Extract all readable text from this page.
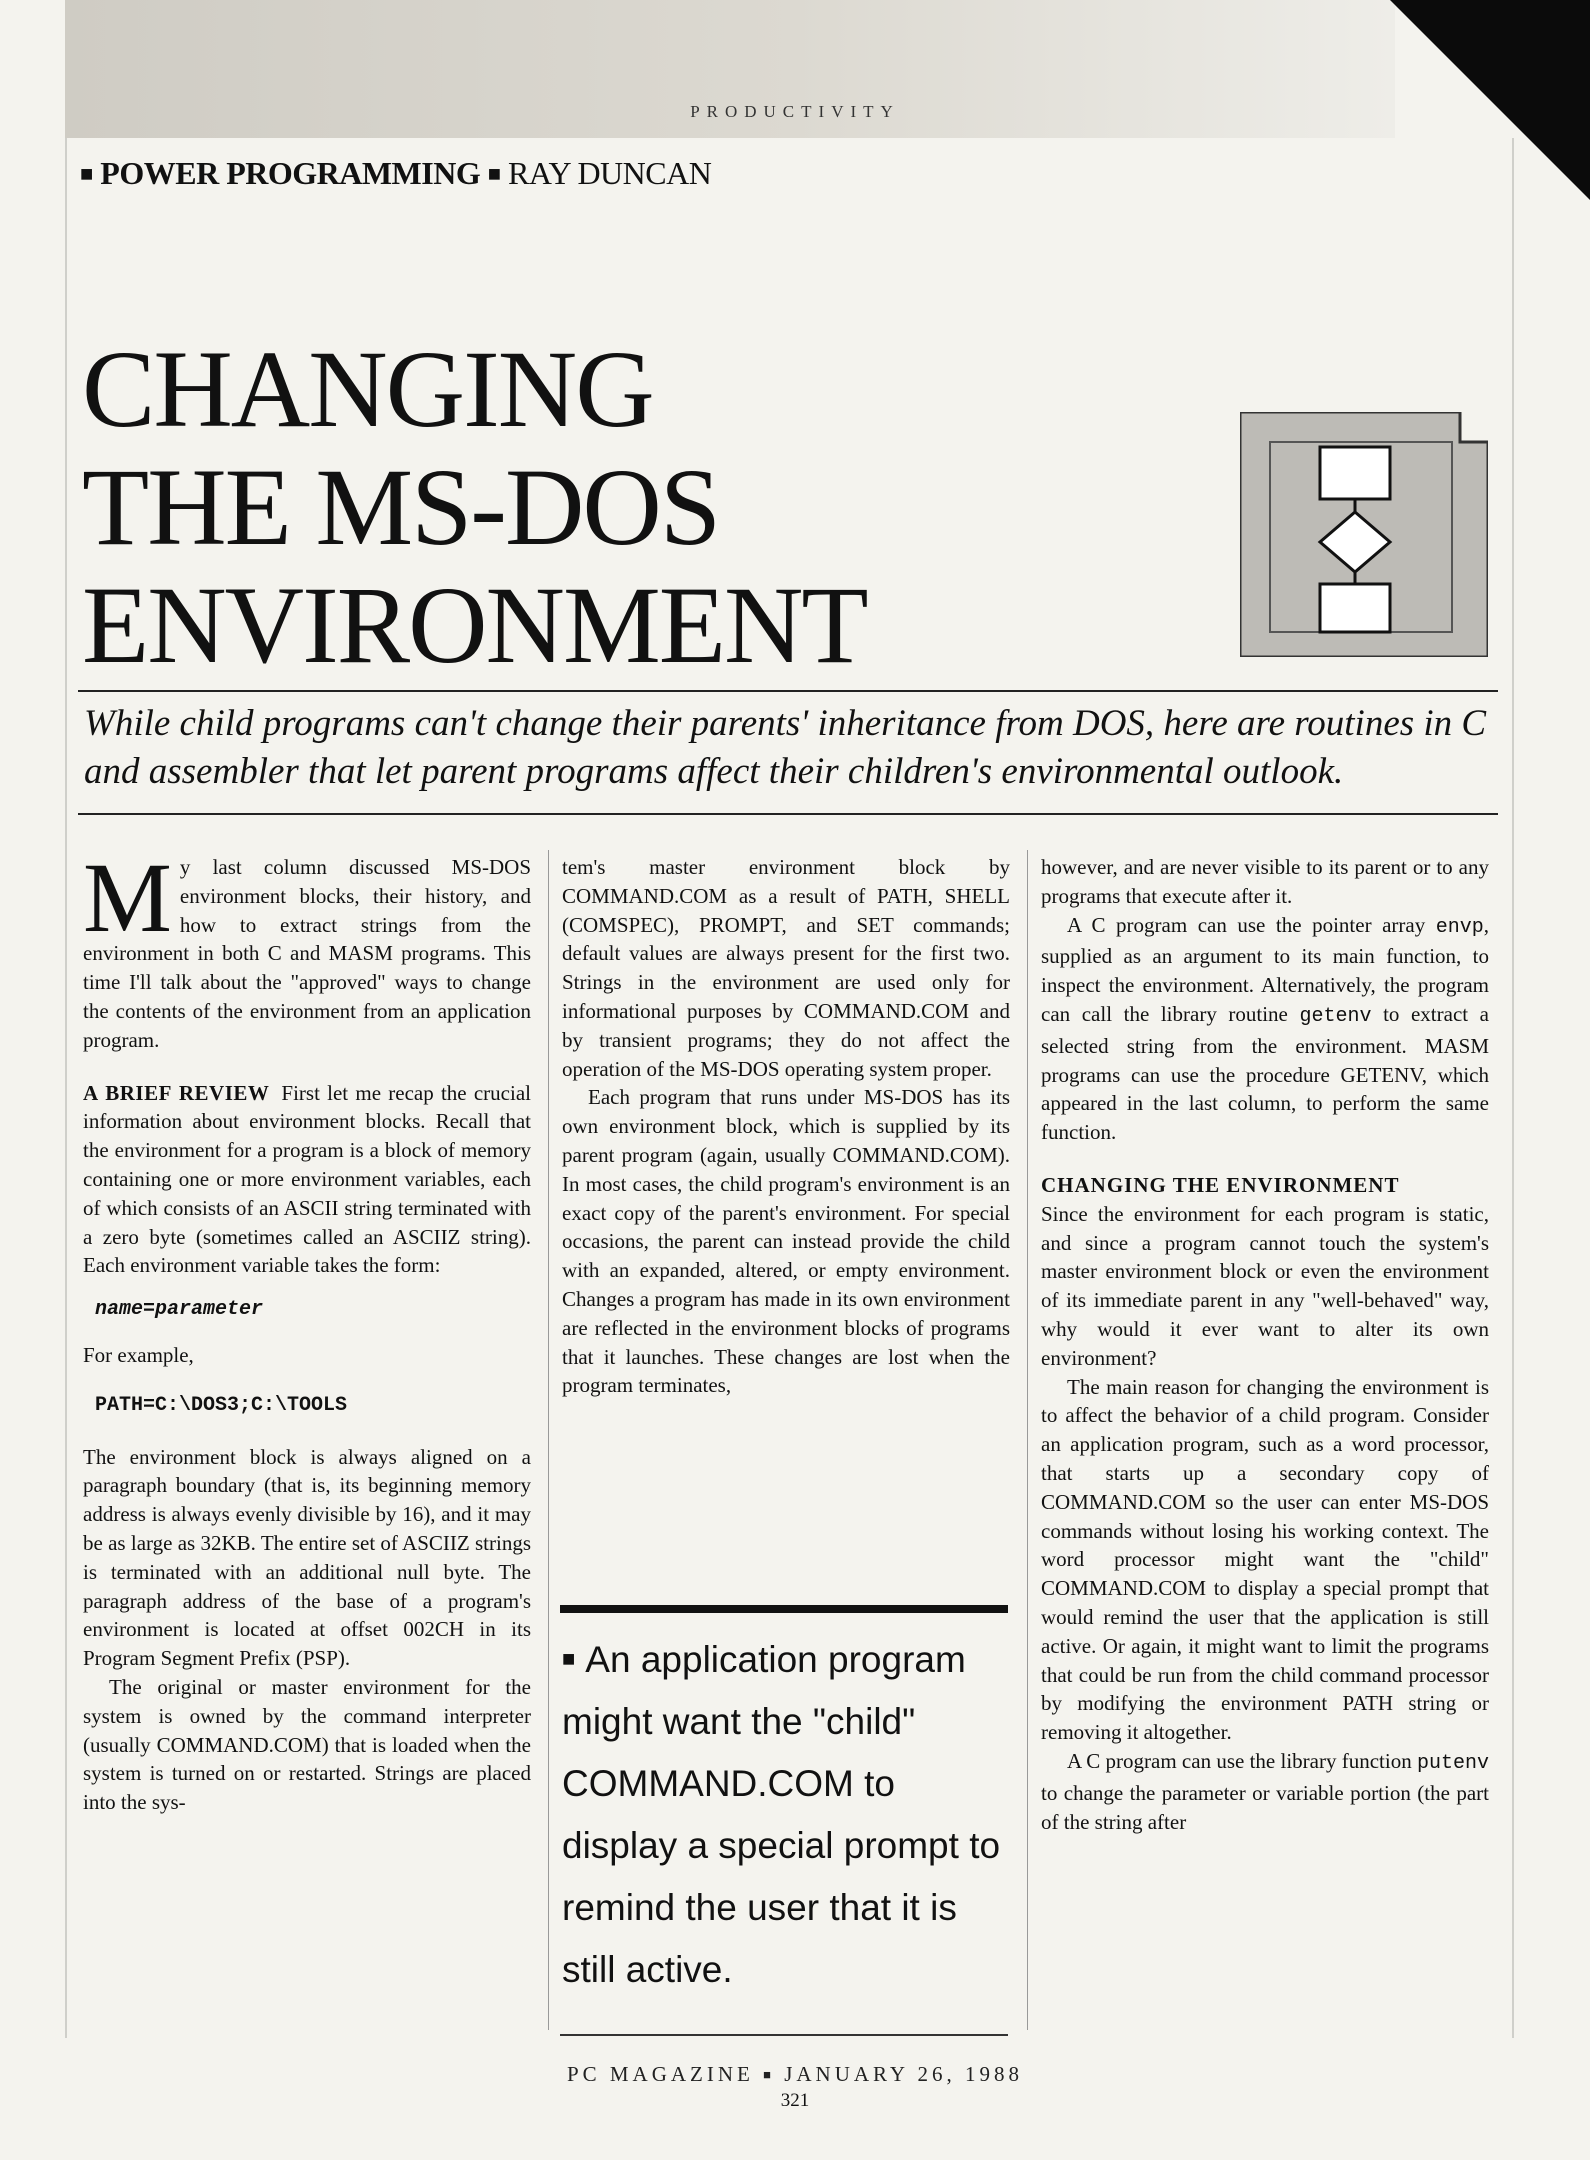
PRODUCTIVITY
■ POWER PROGRAMMING ■ RAY DUNCAN
CHANGING
THE MS-DOS
ENVIRONMENT

While child programs can't change their parents' inheritance from DOS, here are routines in C and assembler that let parent programs affect their children's environmental outlook.

My last column discussed MS-DOS environment blocks, their history, and how to extract strings from the environment in both C and MASM programs. This time I'll talk about the "approved" ways to change the contents of the environment from an application program.

A BRIEF REVIEW First let me recap the crucial information about environment blocks. Recall that the environment for a program is a block of memory containing one or more environment variables, each of which consists of an ASCII string terminated with a zero byte (sometimes called an ASCIIZ string). Each environment variable takes the form:

name=parameter

For example,

PATH=C:\DOS3;C:\TOOLS

The environment block is always aligned on a paragraph boundary (that is, its beginning memory address is always evenly divisible by 16), and it may be as large as 32KB. The entire set of ASCIIZ strings is terminated with an additional null byte. The paragraph address of the base of a program's environment is located at offset 002CH in its Program Segment Prefix (PSP).

The original or master environment for the system is owned by the command interpreter (usually COMMAND.COM) that is loaded when the system is turned on or restarted. Strings are placed into the sys-

tem's master environment block by COMMAND.COM as a result of PATH, SHELL (COMSPEC), PROMPT, and SET commands; default values are always present for the first two. Strings in the environment are used only for informational purposes by COMMAND.COM and by transient programs; they do not affect the operation of the MS-DOS operating system proper.

Each program that runs under MS-DOS has its own environment block, which is supplied by its parent program (again, usually COMMAND.COM). In most cases, the child program's environment is an exact copy of the parent's environment. For special occasions, the parent can instead provide the child with an expanded, altered, or empty environment. Changes a program has made in its own environment are reflected in the environment blocks of programs that it launches. These changes are lost when the program terminates,

■ An application program might want the "child" COMMAND.COM to display a special prompt to remind the user that it is still active.

however, and are never visible to its parent or to any programs that execute after it.

A C program can use the pointer array envp, supplied as an argument to its main function, to inspect the environment. Alternatively, the program can call the library routine getenv to extract a selected string from the environment. MASM programs can use the procedure GETENV, which appeared in the last column, to perform the same function.

CHANGING THE ENVIRONMENT

Since the environment for each program is static, and since a program cannot touch the system's master environment block or even the environment of its immediate parent in any "well-behaved" way, why would it ever want to alter its own environment?

The main reason for changing the environment is to affect the behavior of a child program. Consider an application program, such as a word processor, that starts up a secondary copy of COMMAND.COM so the user can enter MS-DOS commands without losing his working context. The word processor might want the "child" COMMAND.COM to display a special prompt that would remind the user that the application is still active. Or again, it might want to limit the programs that could be run from the child command processor by modifying the environment PATH string or removing it altogether.

A C program can use the library function putenv to change the parameter or variable portion (the part of the string after

PC MAGAZINE ■ JANUARY 26, 1988
321
